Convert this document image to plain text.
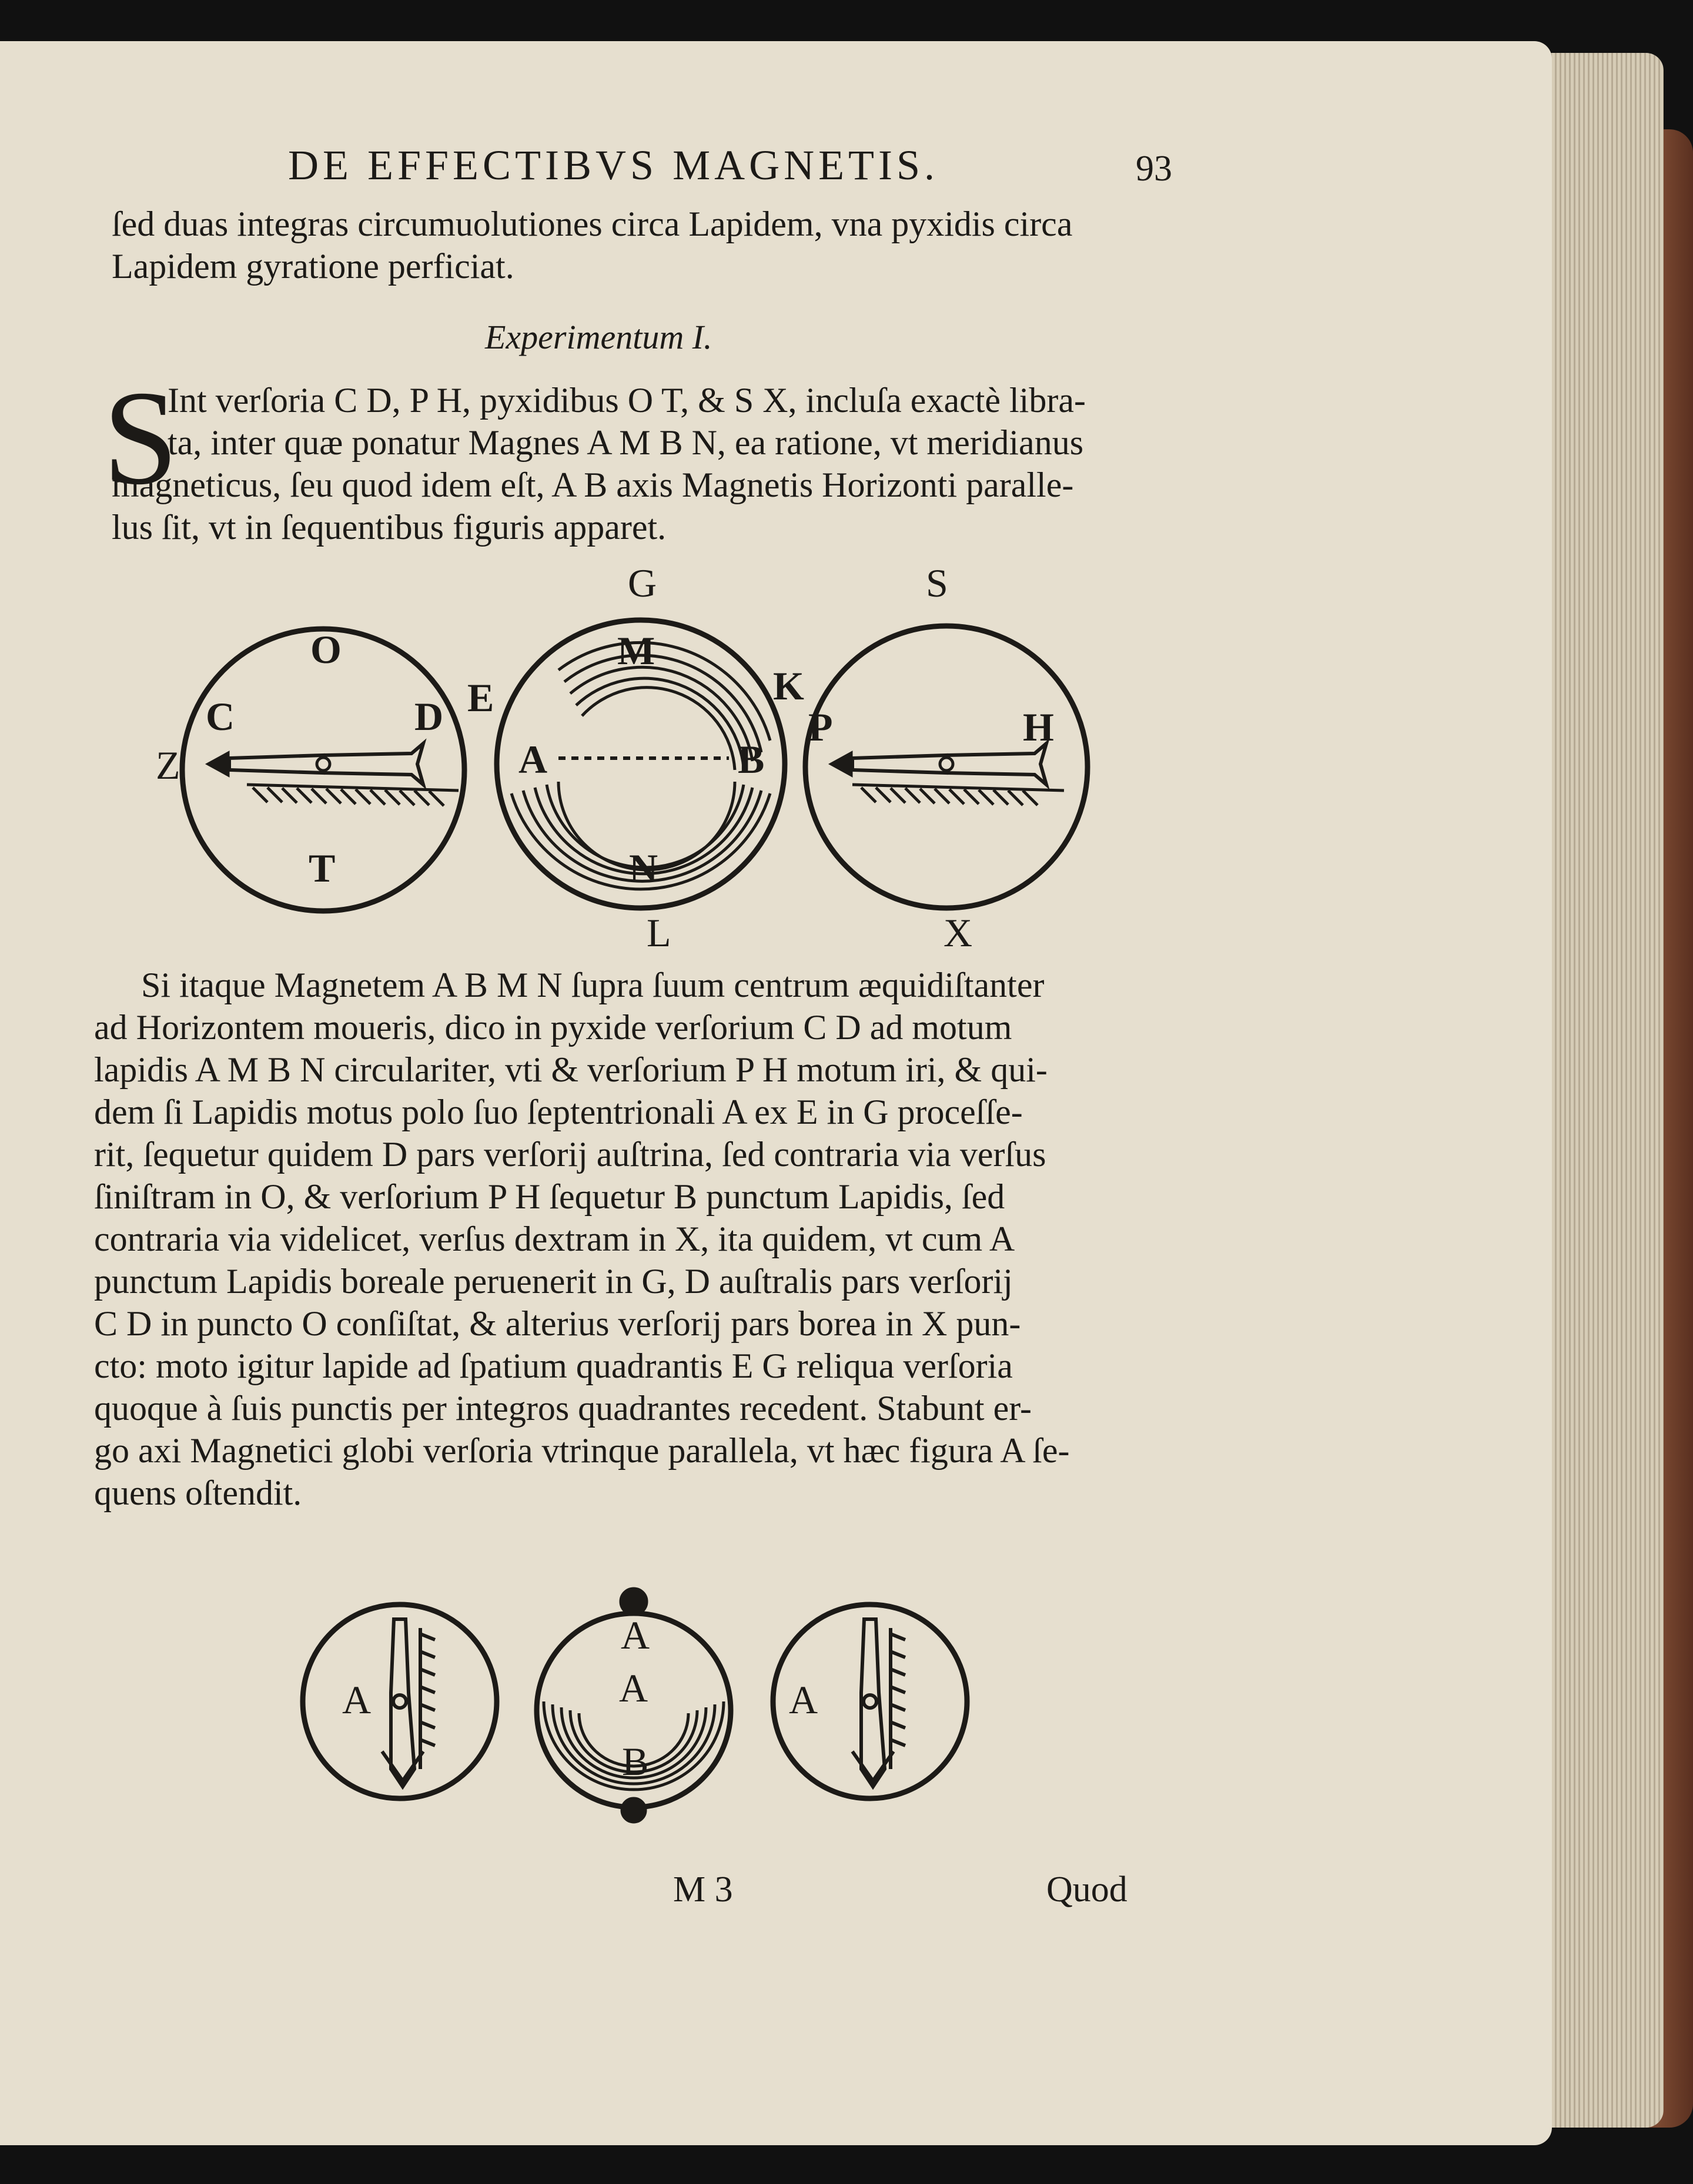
DE EFFECTIBVS MAGNETIS.	93
ſed duas integras circumuolutiones circa Lapidem, vna pyxidis circa
Lapidem gyratione perficiat.
Experimentum I.
S
Int verſoria C D, P H, pyxidibus O T, & S X, incluſa exactè libra-
ta, inter quæ ponatur Magnes A M B N, ea ratione, vt meridianus
magneticus, ſeu quod idem eſt, A B axis Magnetis Horizonti paralle-
lus ſit, vt in ſequentibus figuris apparet.
G	S
O	M
E	K
C	D
Z	A	B
P	H
T	N
L	X
Si itaque Magnetem A B M N ſupra ſuum centrum æquidiſtanter
ad Horizontem moueris, dico in pyxide verſorium C D ad motum
lapidis A M B N circulariter, vti & verſorium P H motum iri, & qui-
dem ſi Lapidis motus polo ſuo ſeptentrionali A ex E in G proceſſe-
rit, ſequetur quidem D pars verſorij auſtrina, ſed contraria via verſus
ſiniſtram in O, & verſorium P H ſequetur B punctum Lapidis, ſed
contraria via videlicet, verſus dextram in X, ita quidem, vt cum A
punctum Lapidis boreale peruenerit in G, D auſtralis pars verſorij
C D in puncto O conſiſtat, & alterius verſorij pars borea in X pun-
cto: moto igitur lapide ad ſpatium quadrantis E G reliqua verſoria
quoque à ſuis punctis per integros quadrantes recedent. Stabunt er-
go axi Magnetici globi verſoria vtrinque parallela, vt hæc figura A ſe-
quens oſtendit.
A
A
A
B
A
M 3	Quod
